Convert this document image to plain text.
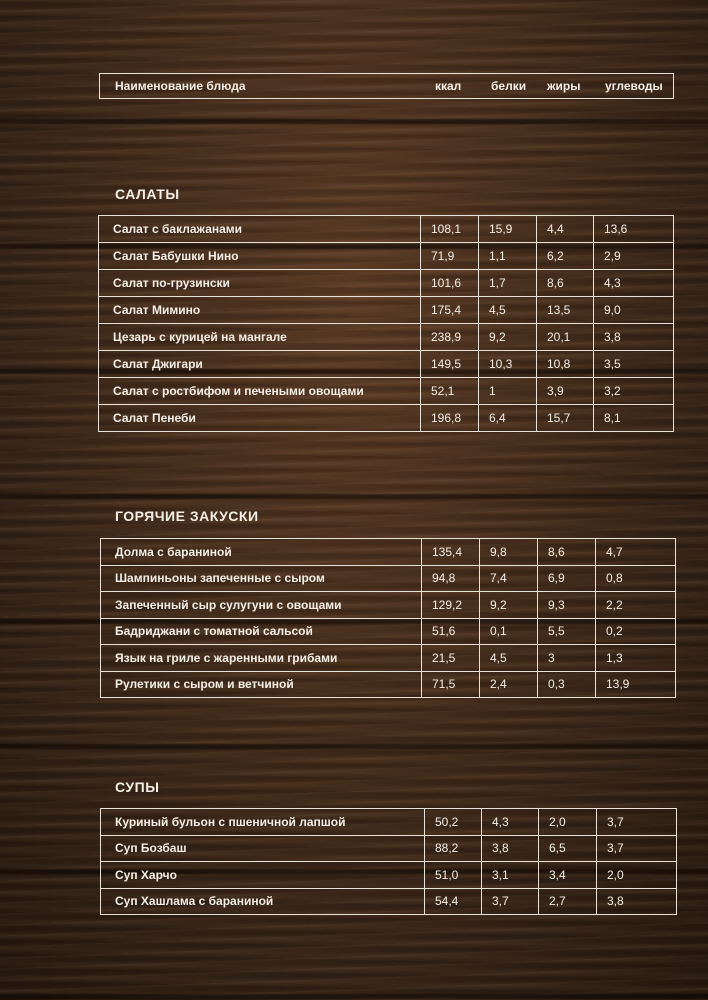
Наименование блюда	ккал белки жиры углеводы
САЛАТЫ
Салат с баклажанами	108,1	15,9	4,4	13,6
Салат Бабушки Нино	71,9	1,1	6,2	2,9
Салат по-грузински	101,6	1,7	8,6	4,3
Салат Мимино	175,4	4,5	13,5	9,0
Цезарь с курицей на мангале	238,9	9,2	20,1	3,8
Салат Джигари	149,5	10,3	10,8	3,5
Салат с ростбифом и печеными овощами	52,1	1	3,9	3,2
Салат Пенеби	196,8	6,4	15,7	8,1
ГОРЯЧИЕ ЗАКУСКИ
Долма с бараниной	135,4	9,8	8,6	4,7
Шампиньоны запеченные с сыром	94,8	7,4	6,9	0,8
Запеченный сыр сулугуни с овощами	129,2	9,2	9,3	2,2
Бадриджани с томатной сальсой	51,6	0,1	5,5	0,2
Язык на гриле с жаренными грибами	21,5	4,5	3	1,3
Рулетики с сыром и ветчиной	71,5	2,4	0,3	13,9
СУПЫ
Куриный бульон с пшеничной лапшой	50,2	4,3	2,0	3,7
Суп Бозбаш	88,2	3,8	6,5	3,7
Суп Харчо	51,0	3,1	3,4	2,0
Суп Хашлама с бараниной	54,4	3,7	2,7	3,8
